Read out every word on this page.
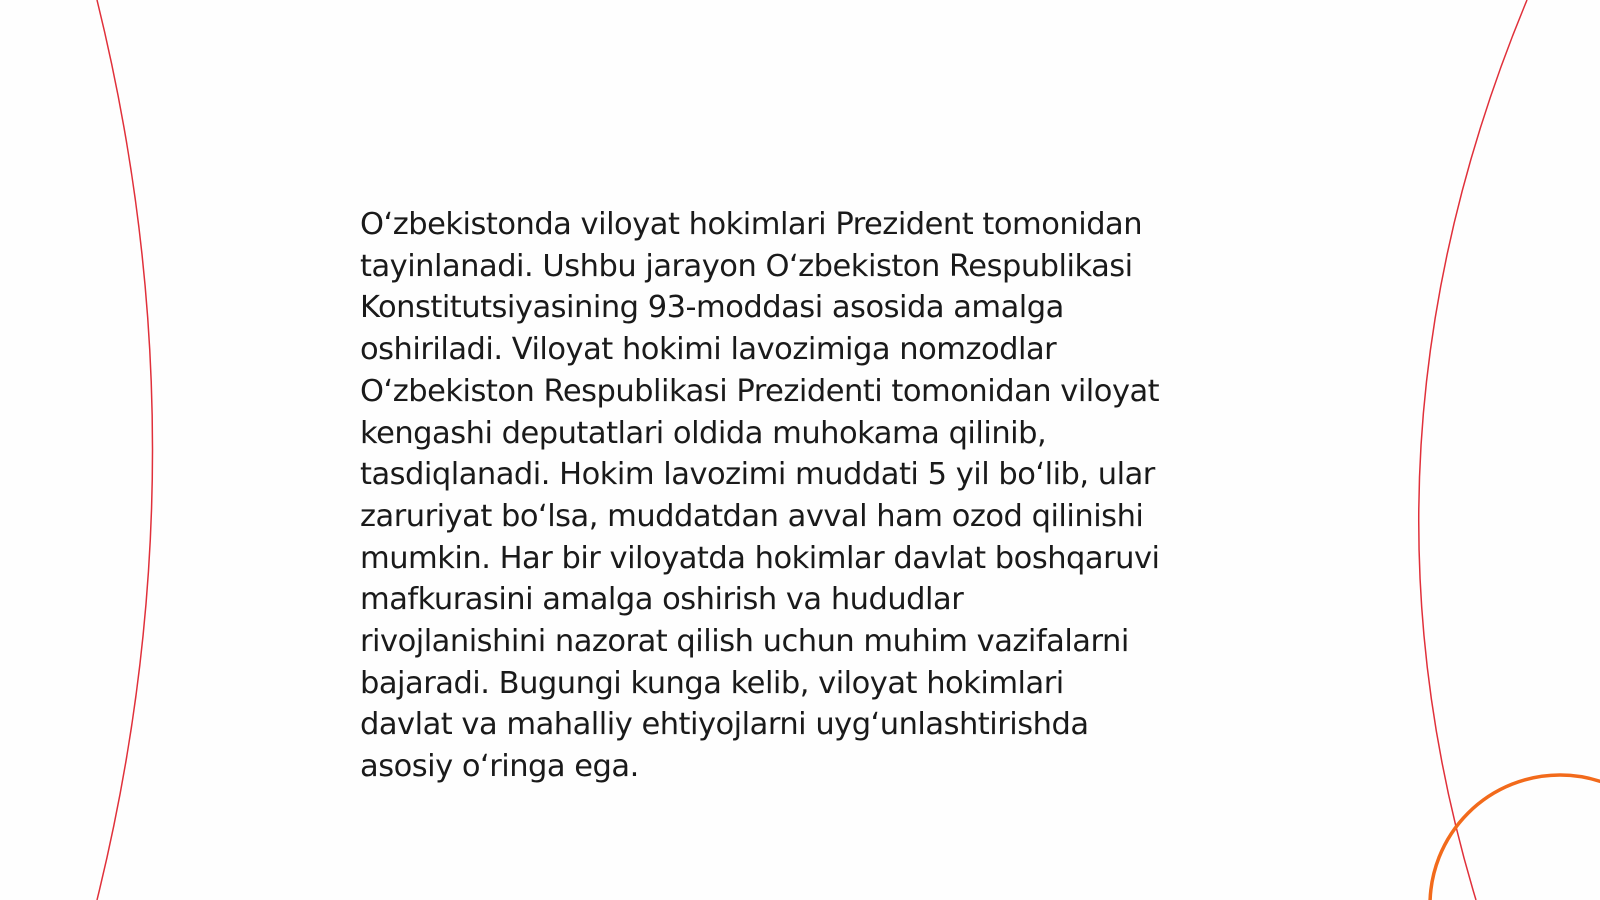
O‘zbekistonda viloyat hokimlari Prezident tomonidan
tayinlanadi. Ushbu jarayon O‘zbekiston Respublikasi
Konstitutsiyasining 93-moddasi asosida amalga
oshiriladi. Viloyat hokimi lavozimiga nomzodlar
O‘zbekiston Respublikasi Prezidenti tomonidan viloyat
kengashi deputatlari oldida muhokama qilinib,
tasdiqlanadi. Hokim lavozimi muddati 5 yil bo‘lib, ular
zaruriyat bo‘lsa, muddatdan avval ham ozod qilinishi
mumkin. Har bir viloyatda hokimlar davlat boshqaruvi
mafkurasini amalga oshirish va hududlar
rivojlanishini nazorat qilish uchun muhim vazifalarni
bajaradi. Bugungi kunga kelib, viloyat hokimlari
davlat va mahalliy ehtiyojlarni uyg‘unlashtirishda
asosiy o‘ringa ega.
